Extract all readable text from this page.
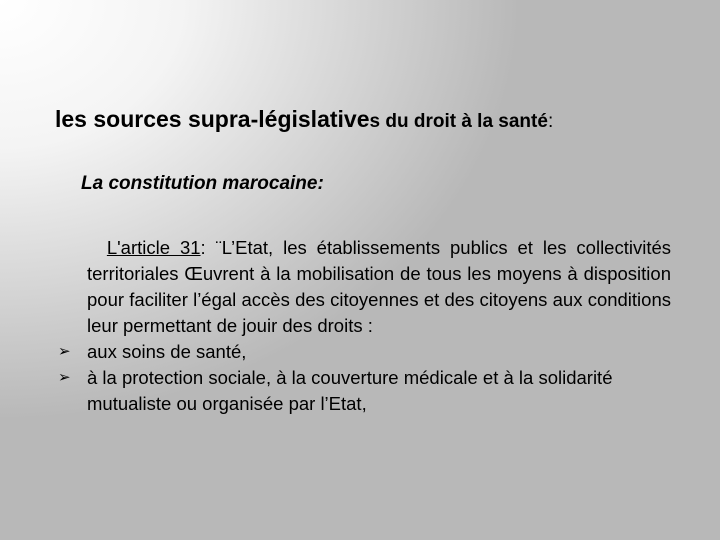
les sources supra-législatives du droit à la santé:
La constitution marocaine:

L'article 31: ¨L’Etat, les établissements publics et les collectivités territoriales Œuvrent à la mobilisation de tous les moyens à disposition pour faciliter l’égal accès des citoyennes et des citoyens aux conditions leur permettant de jouir des droits :

➢ aux soins de santé,
➢ à la protection sociale, à la couverture médicale et à la solidarité mutualiste ou organisée par l’Etat,
